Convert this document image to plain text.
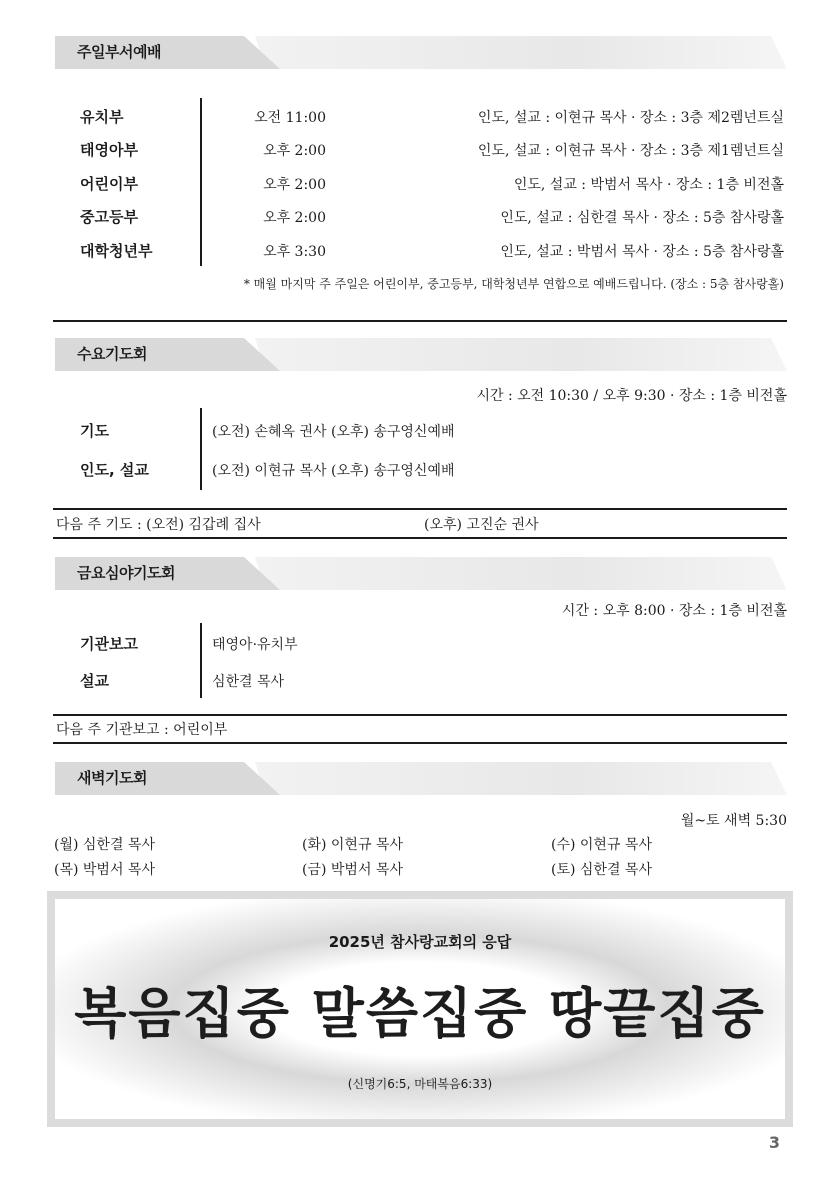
주일부서예배
유치부	오전 11:00	인도, 설교 : 이현규 목사 · 장소 : 3층 제2렘넌트실
태영아부	오후 2:00	인도, 설교 : 이현규 목사 · 장소 : 3층 제1렘넌트실
어린이부	오후 2:00	인도, 설교 : 박범서 목사 · 장소 : 1층 비전홀
중고등부	오후 2:00	인도, 설교 : 심한결 목사 · 장소 : 5층 참사랑홀
대학청년부	오후 3:30	인도, 설교 : 박범서 목사 · 장소 : 5층 참사랑홀
* 매월 마지막 주 주일은 어린이부, 중고등부, 대학청년부 연합으로 예배드립니다. (장소 : 5층 참사랑홀)
수요기도회
시간 : 오전 10:30 / 오후 9:30 · 장소 : 1층 비전홀
기도	(오전) 손혜옥 권사 (오후) 송구영신예배
인도, 설교	(오전) 이현규 목사 (오후) 송구영신예배
다음 주 기도 : (오전) 김갑례 집사	(오후) 고진순 권사
금요심야기도회
시간 : 오후 8:00 · 장소 : 1층 비전홀
기관보고	태영아·유치부
설교	심한결 목사
다음 주 기관보고 : 어린이부
새벽기도회
월~토 새벽 5:30
(월) 심한결 목사	(화) 이현규 목사	(수) 이현규 목사
(목) 박범서 목사	(금) 박범서 목사	(토) 심한결 목사
2025년 참사랑교회의 응답
복음집중 말씀집중 땅끝집중
(신명기6:5, 마태복음6:33)
3
